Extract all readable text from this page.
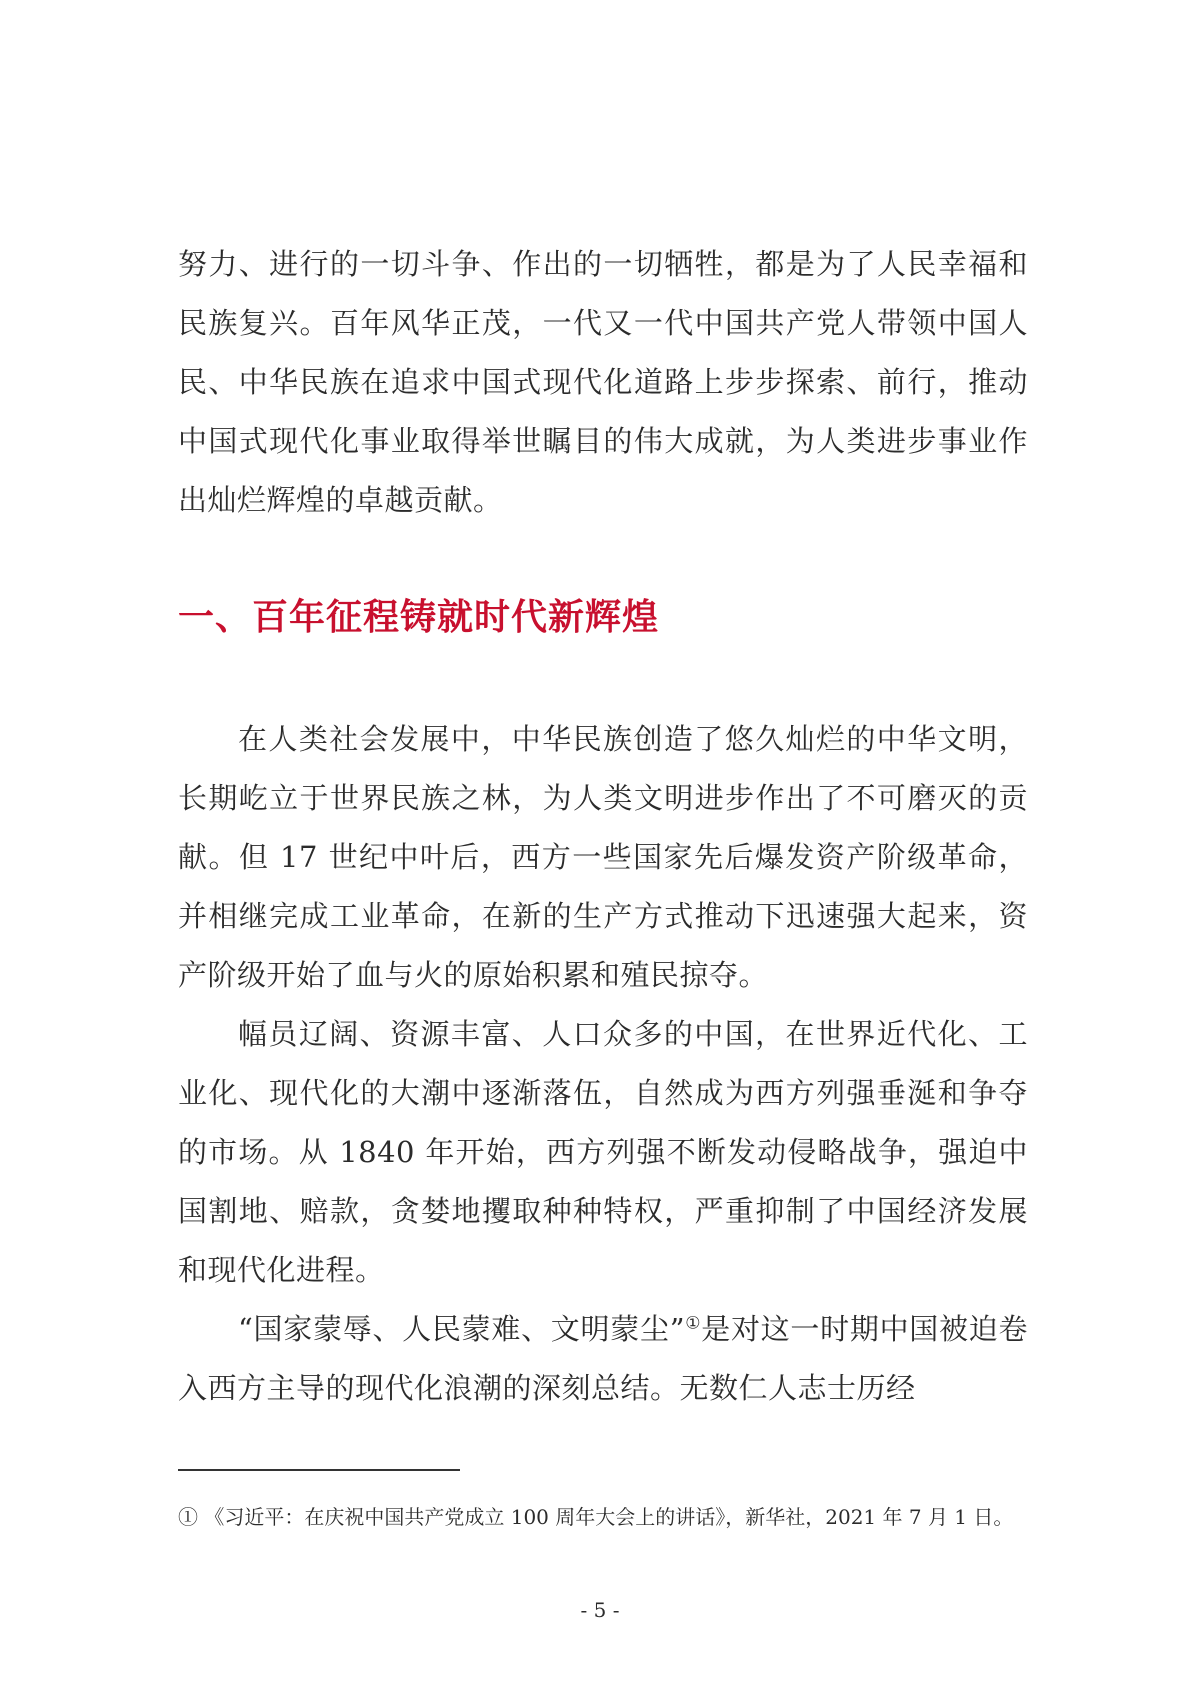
努力、进行的一切斗争、作出的一切牺牲，都是为了人民幸福和民族复兴。百年风华正茂，一代又一代中国共产党人带领中国人民、中华民族在追求中国式现代化道路上步步探索、前行，推动中国式现代化事业取得举世瞩目的伟大成就，为人类进步事业作出灿烂辉煌的卓越贡献。

一、百年征程铸就时代新辉煌

在人类社会发展中，中华民族创造了悠久灿烂的中华文明，长期屹立于世界民族之林，为人类文明进步作出了不可磨灭的贡献。但 17 世纪中叶后，西方一些国家先后爆发资产阶级革命，并相继完成工业革命，在新的生产方式推动下迅速强大起来，资产阶级开始了血与火的原始积累和殖民掠夺。

幅员辽阔、资源丰富、人口众多的中国，在世界近代化、工业化、现代化的大潮中逐渐落伍，自然成为西方列强垂涎和争夺的市场。从 1840 年开始，西方列强不断发动侵略战争，强迫中国割地、赔款，贪婪地攫取种种特权，严重抑制了中国经济发展和现代化进程。

“国家蒙辱、人民蒙难、文明蒙尘”①是对这一时期中国被迫卷入西方主导的现代化浪潮的深刻总结。无数仁人志士历经

① 《习近平：在庆祝中国共产党成立 100 周年大会上的讲话》，新华社，2021 年 7 月 1 日。

- 5 -
